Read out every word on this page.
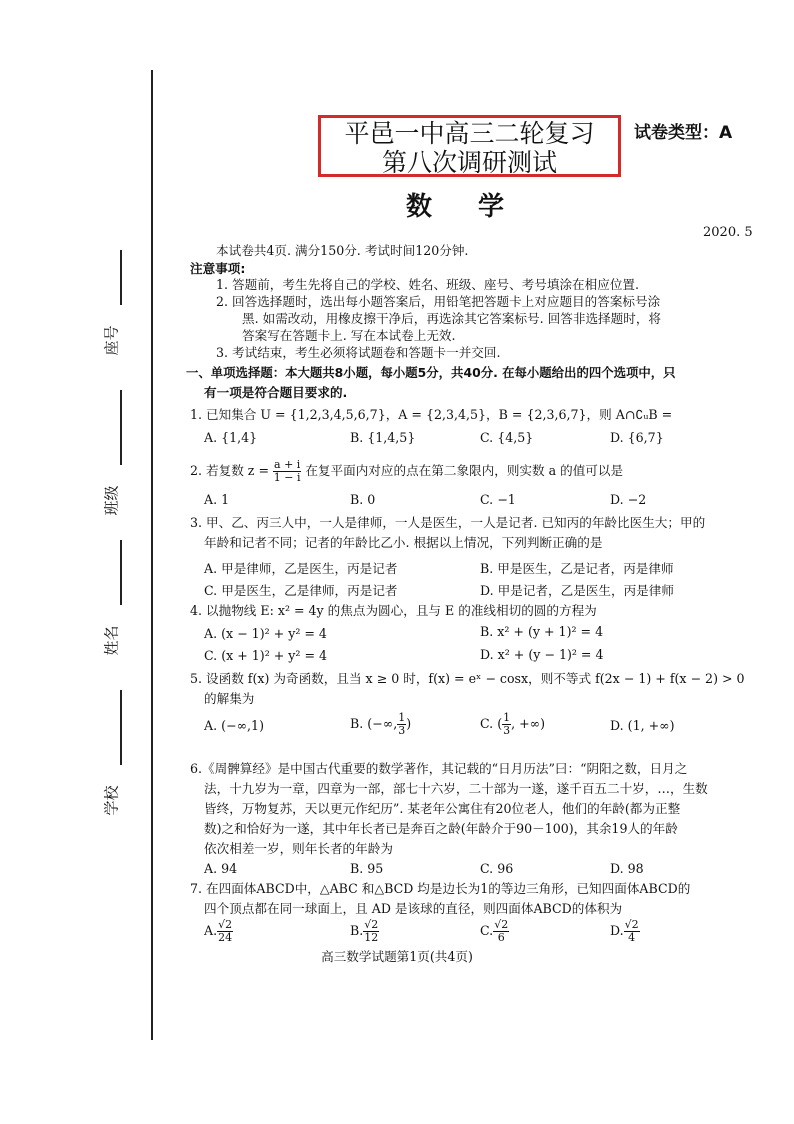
座号
班级
姓名
学校
平邑一中高三二轮复习
第八次调研测试
试卷类型：A
数学
2020. 5
本试卷共4页. 满分150分. 考试时间120分钟.
注意事项:
1. 答题前，考生先将自己的学校、姓名、班级、座号、考号填涂在相应位置.
2. 回答选择题时，选出每小题答案后，用铅笔把答题卡上对应题目的答案标号涂
黑. 如需改动，用橡皮擦干净后，再选涂其它答案标号. 回答非选择题时，将
答案写在答题卡上. 写在本试卷上无效.
3. 考试结束，考生必须将试题卷和答题卡一并交回.
一、单项选择题：本大题共8小题，每小题5分，共40分. 在每小题给出的四个选项中，只
有一项是符合题目要求的.
1. 已知集合 U = {1,2,3,4,5,6,7}，A = {2,3,4,5}，B = {2,3,6,7}，则 A∩∁ᵤB =
A. {1,4}	B. {1,4,5}	C. {4,5}	D. {6,7}
2. 若复数 $z = \frac{a + i}{1 - i}$ 在复平面内对应的点在第二象限内，则实数 a 的值可以是
A. 1	B. 0	C. −1	D. −2
3. 甲、乙、丙三人中，一人是律师，一人是医生，一人是记者. 已知丙的年龄比医生大；甲的
年龄和记者不同；记者的年龄比乙小. 根据以上情况，下列判断正确的是
A. 甲是律师，乙是医生，丙是记者	B. 甲是医生，乙是记者，丙是律师
C. 甲是医生，乙是律师，丙是记者	D. 甲是记者，乙是医生，丙是律师
4. 以抛物线 E: x² = 4y 的焦点为圆心，且与 E 的准线相切的圆的方程为
A. (x − 1)² + y² = 4	B. x² + (y + 1)² = 4
C. (x + 1)² + y² = 4	D. x² + (y − 1)² = 4
5. 设函数 f(x) 为奇函数，且当 x ≥ 0 时，f(x) = eˣ − cosx，则不等式 f(2x − 1) + f(x − 2) > 0
的解集为
A. (−∞,1)	B. (−∞, $\frac{1}{3}$ )	C. ( $\frac{1}{3}$ , +∞)	D. (1, +∞)
6.《周髀算经》是中国古代重要的数学著作，其记载的“日月历法”曰：“阴阳之数，日月之
法，十九岁为一章，四章为一部，部七十六岁，二十部为一遂，遂千百五二十岁，…，生数
皆终，万物复苏，天以更元作纪历”. 某老年公寓住有20位老人，他们的年龄(都为正整
数)之和恰好为一遂，其中年长者已是奔百之龄(年龄介于90－100)，其余19人的年龄
依次相差一岁，则年长者的年龄为
A. 94	B. 95	C. 96	D. 98
7. 在四面体ABCD中，△ABC 和△BCD 均是边长为1的等边三角形，已知四面体ABCD的
四个顶点都在同一球面上，且 AD 是该球的直径，则四面体ABCD的体积为
A. $\frac{√2}{24}$	B. $\frac{√2}{12}$	C. $\frac{√2}{6}$	D. $\frac{√2}{4}$
高三数学试题第1页(共4页)
